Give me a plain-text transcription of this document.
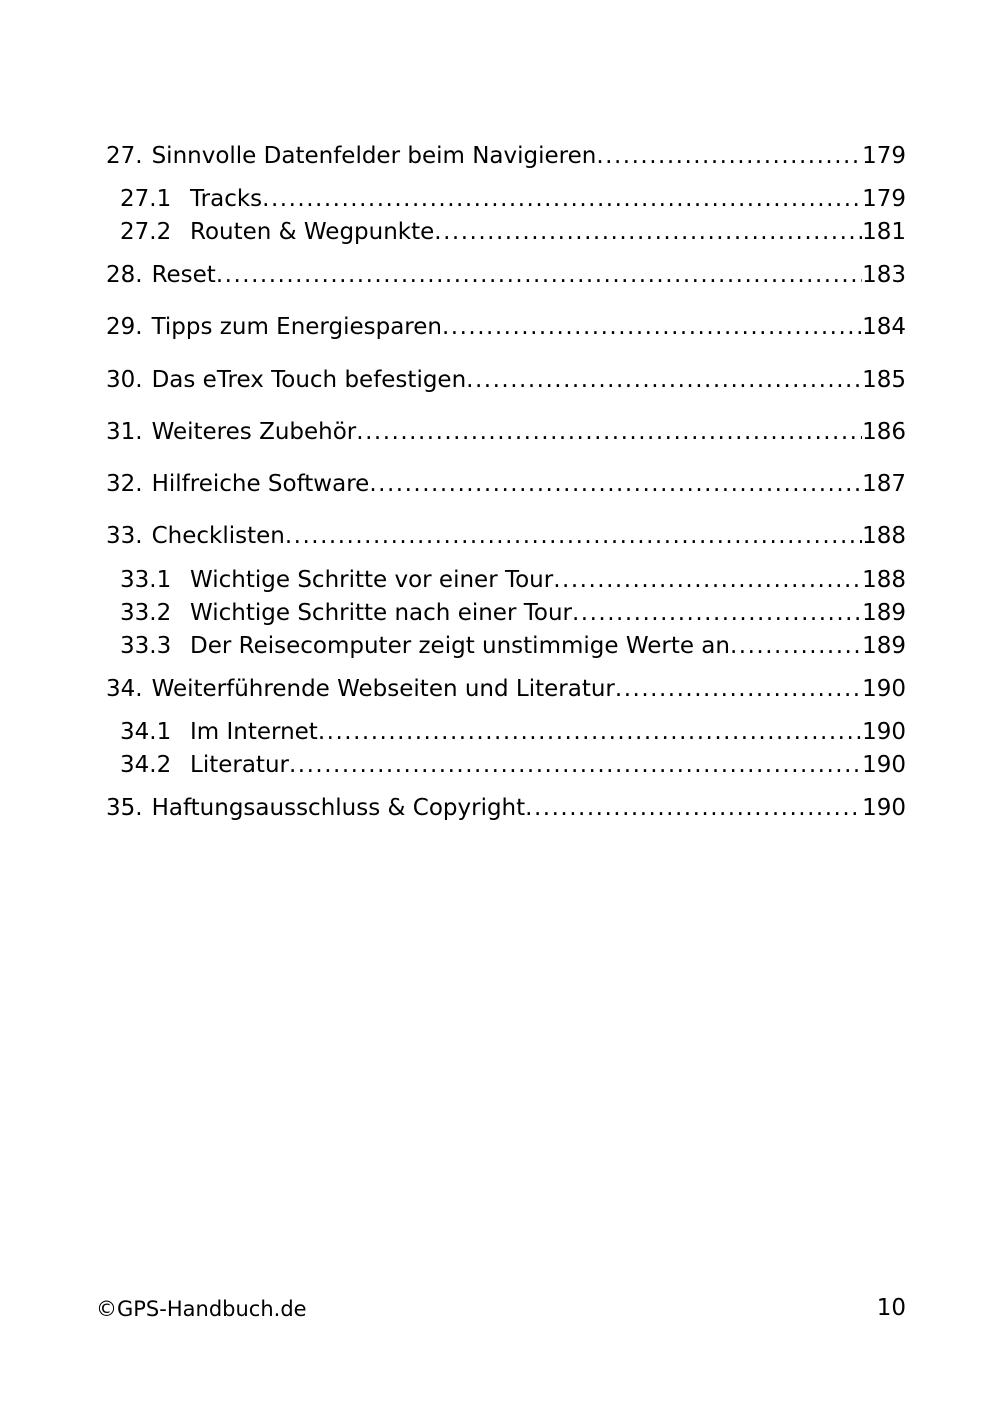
27. Sinnvolle Datenfelder beim Navigieren .....	179
27.1 Tracks .....	179
27.2 Routen & Wegpunkte .....	181
28. Reset .....	183
29. Tipps zum Energiesparen .....	184
30. Das eTrex Touch befestigen .....	185
31. Weiteres Zubehör .....	186
32. Hilfreiche Software .....	187
33. Checklisten .....	188
33.1 Wichtige Schritte vor einer Tour .....	188
33.2 Wichtige Schritte nach einer Tour .....	189
33.3 Der Reisecomputer zeigt unstimmige Werte an .....	189
34. Weiterführende Webseiten und Literatur .....	190
34.1 Im Internet .....	190
34.2 Literatur .....	190
35. Haftungsausschluss & Copyright .....	190
©GPS-Handbuch.de	10
